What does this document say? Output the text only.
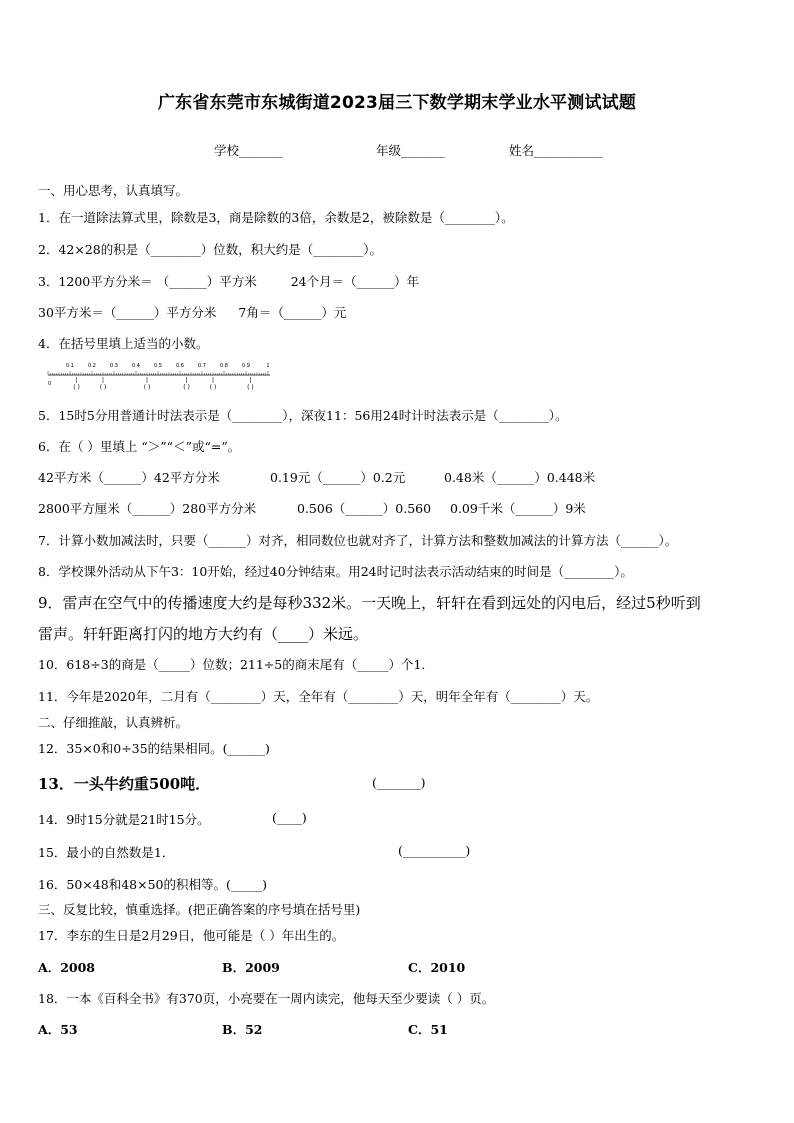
广东省东莞市东城街道2023届三下数学期末学业水平测试试题
学校_______	年级_______	姓名___________
一、用心思考，认真填写。
1．在一道除法算式里，除数是3，商是除数的3倍，余数是2，被除数是（________）。
2．42×28的积是（________）位数，积大约是（________）。
3．1200平方分米＝ （______）平方米	24个月＝（______）年
30平方米＝（______）平方分米 7角＝（______）元
4．在括号里填上适当的小数。
0.1	0.2	0.3	0.4	0.5	0.6	0.7	0.8	0.9	1
0	( )	( )	( )	( )	( )	( )
5．15时5分用普通计时法表示是（________），深夜11：56用24时计时法表示是（________）。
6．在（ ）里填上 “＞”“＜”或“=”。
42平方米（______）42平方分米	0.19元（______）0.2元	0.48米（______）0.448米
2800平方厘米（______）280平方分米	0.506（______）0.560 0.09千米（______）9米
7．计算小数加减法时，只要（______）对齐，相同数位也就对齐了，计算方法和整数加减法的计算方法（______）。
8．学校课外活动从下午3：10开始，经过40分钟结束。用24时记时法表示活动结束的时间是（________）。
9．雷声在空气中的传播速度大约是每秒332米。一天晚上，轩轩在看到远处的闪电后，经过5秒听到
雷声。轩轩距离打闪的地方大约有（____）米远。
10．618÷3的商是（_____）位数；211÷5的商末尾有（_____）个1．
11．今年是2020年，二月有（________）天，全年有（________）天，明年全年有（________）天。
二、仔细推敲，认真辨析。
12．35×0和0÷35的结果相同。(______)
13．一头牛约重500吨．	(_______)
14．9时15分就是21时15分。	(____)
15．最小的自然数是1．	(__________)
16．50×48和48×50的积相等。(_____)
三、反复比较，慎重选择。(把正确答案的序号填在括号里)
17．李东的生日是2月29日，他可能是（ ）年出生的。
A．2008	B．2009	C．2010
18．一本《百科全书》有370页，小亮要在一周内读完，他每天至少要读（ ）页。
A．53	B．52	C．51
